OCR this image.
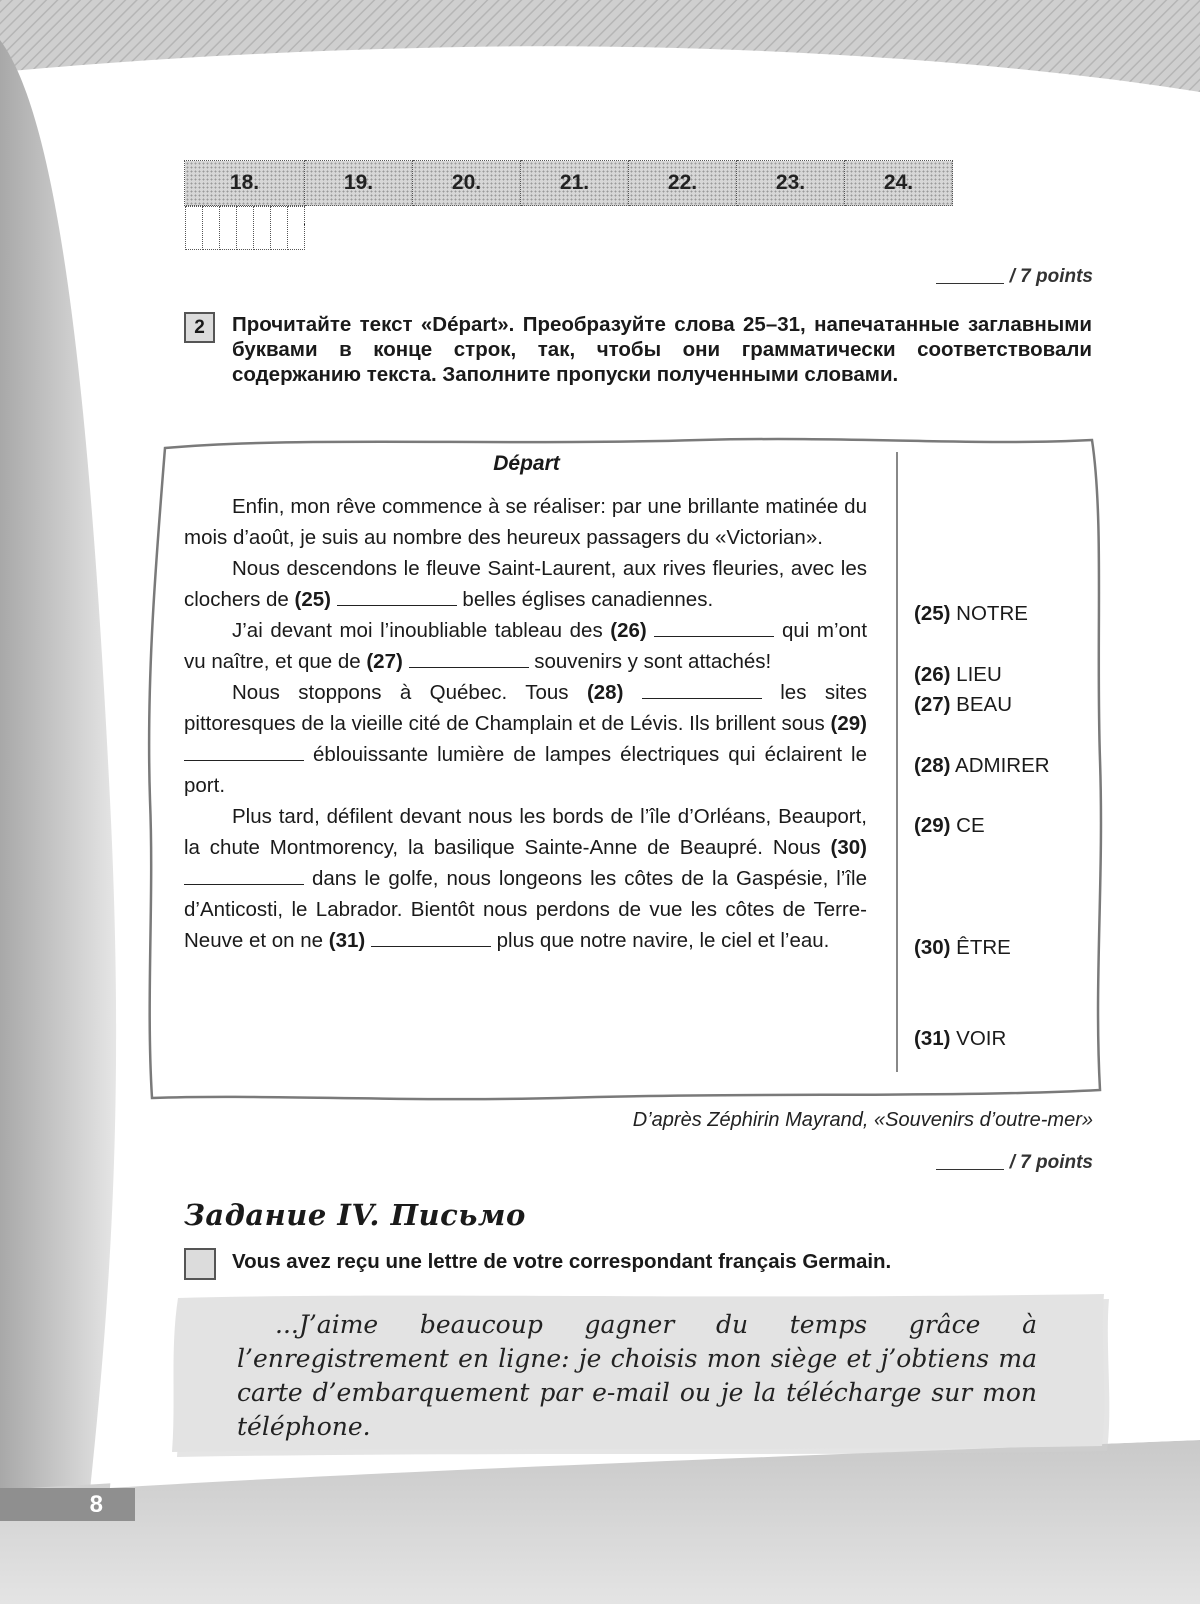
18.	19.	20.	21.	22.	23.	24.

/ 7 points
2	Прочитайте текст «Départ». Преобразуйте слова 25–31, напечатанные заглавными буквами в конце строк, так, чтобы они грамматически соответствовали содержанию текста. Заполните пропуски полученными словами.
Départ

Enfin, mon rêve commence à se réaliser: par une brillante matinée du mois d’août, je suis au nombre des heureux passagers du «Victorian».

Nous descendons le fleuve Saint-Laurent, aux rives fleuries, avec les clochers de (25)	belles églises canadiennes.

J’ai devant moi l’inoubliable tableau des (26)	qui m’ont vu naître, et que de (27)	souvenirs y sont attachés!

Nous stoppons à Québec. Tous (28)	les sites pittoresques de la vieille cité de Champlain et de Lévis. Ils brillent sous (29)  éblouissante lumière de lampes électriques qui éclairent le port.

Plus tard, défilent devant nous les bords de l’île d’Orléans, Beauport, la chute Montmorency, la basilique Sainte-Anne de Beaupré. Nous (30)  dans le golfe, nous longeons les côtes de la Gaspésie, l’île d’Anticosti, le Labrador. Bientôt nous perdons de vue les côtes de Terre-Neuve et on ne (31)	plus que notre navire, le ciel et l’eau.

(25) NOTRE
(26) LIEU
(27) BEAU
(28) ADMIRER
(29) CE
(30) ÊTRE
(31) VOIR
D’après Zéphirin Mayrand, «Souvenirs d’outre-mer»
/ 7 points
Задание IV. Письмо
Vous avez reçu une lettre de votre correspondant français Germain.
...J’aime beaucoup gagner du temps grâce à l’enregistrement en ligne: je choisis mon siège et j’obtiens ma carte d’embarquement par e-mail ou je la télécharge sur mon téléphone.
8
